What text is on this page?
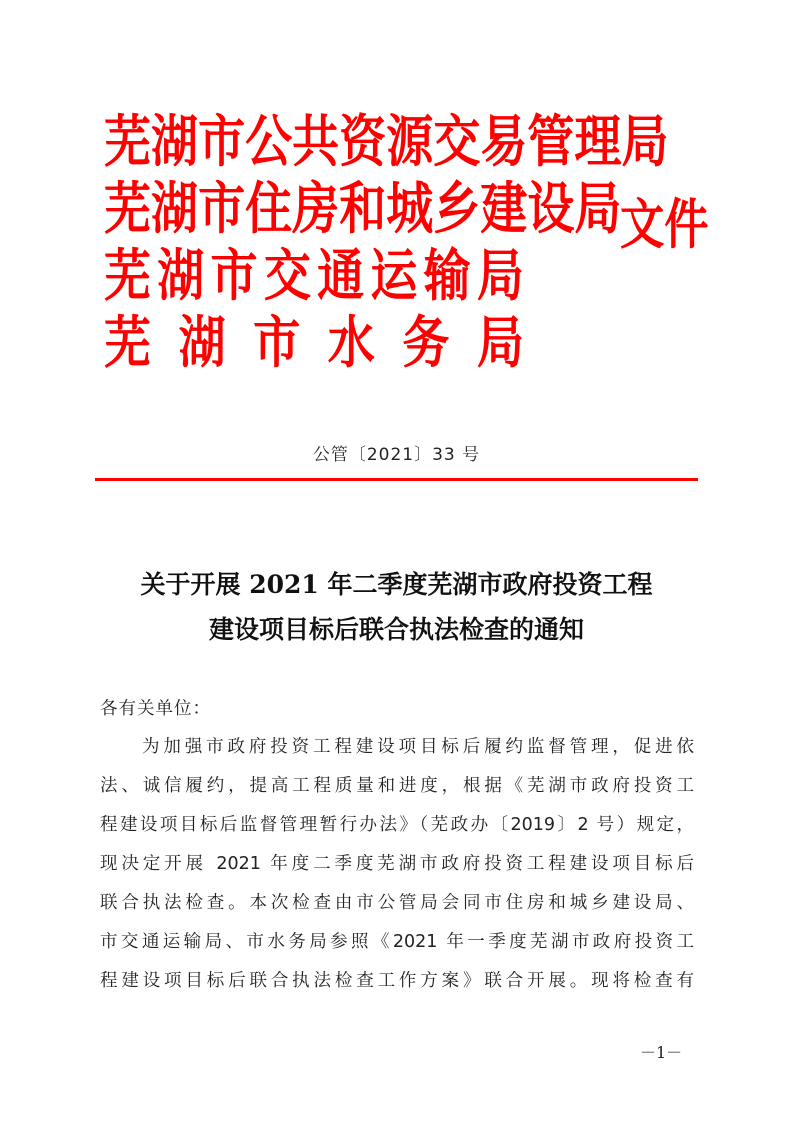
芜 湖 市 公 共 资 源 交 易 管 理 局
芜 湖 市 住 房 和 城 乡 建 设 局
芜 湖 市 交 通 运 输 局
芜 湖 市 水 务 局
文 件
公管〔2021〕33 号
关于开展 2021 年二季度芜湖市政府投资工程
建设项目标后联合执法检查的通知
各有关单位：
为加强市政府投资工程建设项目标后履约监督管理，促进依
法、诚信履约，提高工程质量和进度，根据《芜湖市政府投资工
程建设项目标后监督管理暂行办法》（芜政办〔2019〕2 号）规定，
现决定开展 2021 年度二季度芜湖市政府投资工程建设项目标后
联合执法检查。本次检查由市公管局会同市住房和城乡建设局、
市交通运输局、市水务局参照《2021 年一季度芜湖市政府投资工
程建设项目标后联合执法检查工作方案》联合开展。现将检查有
－1－
